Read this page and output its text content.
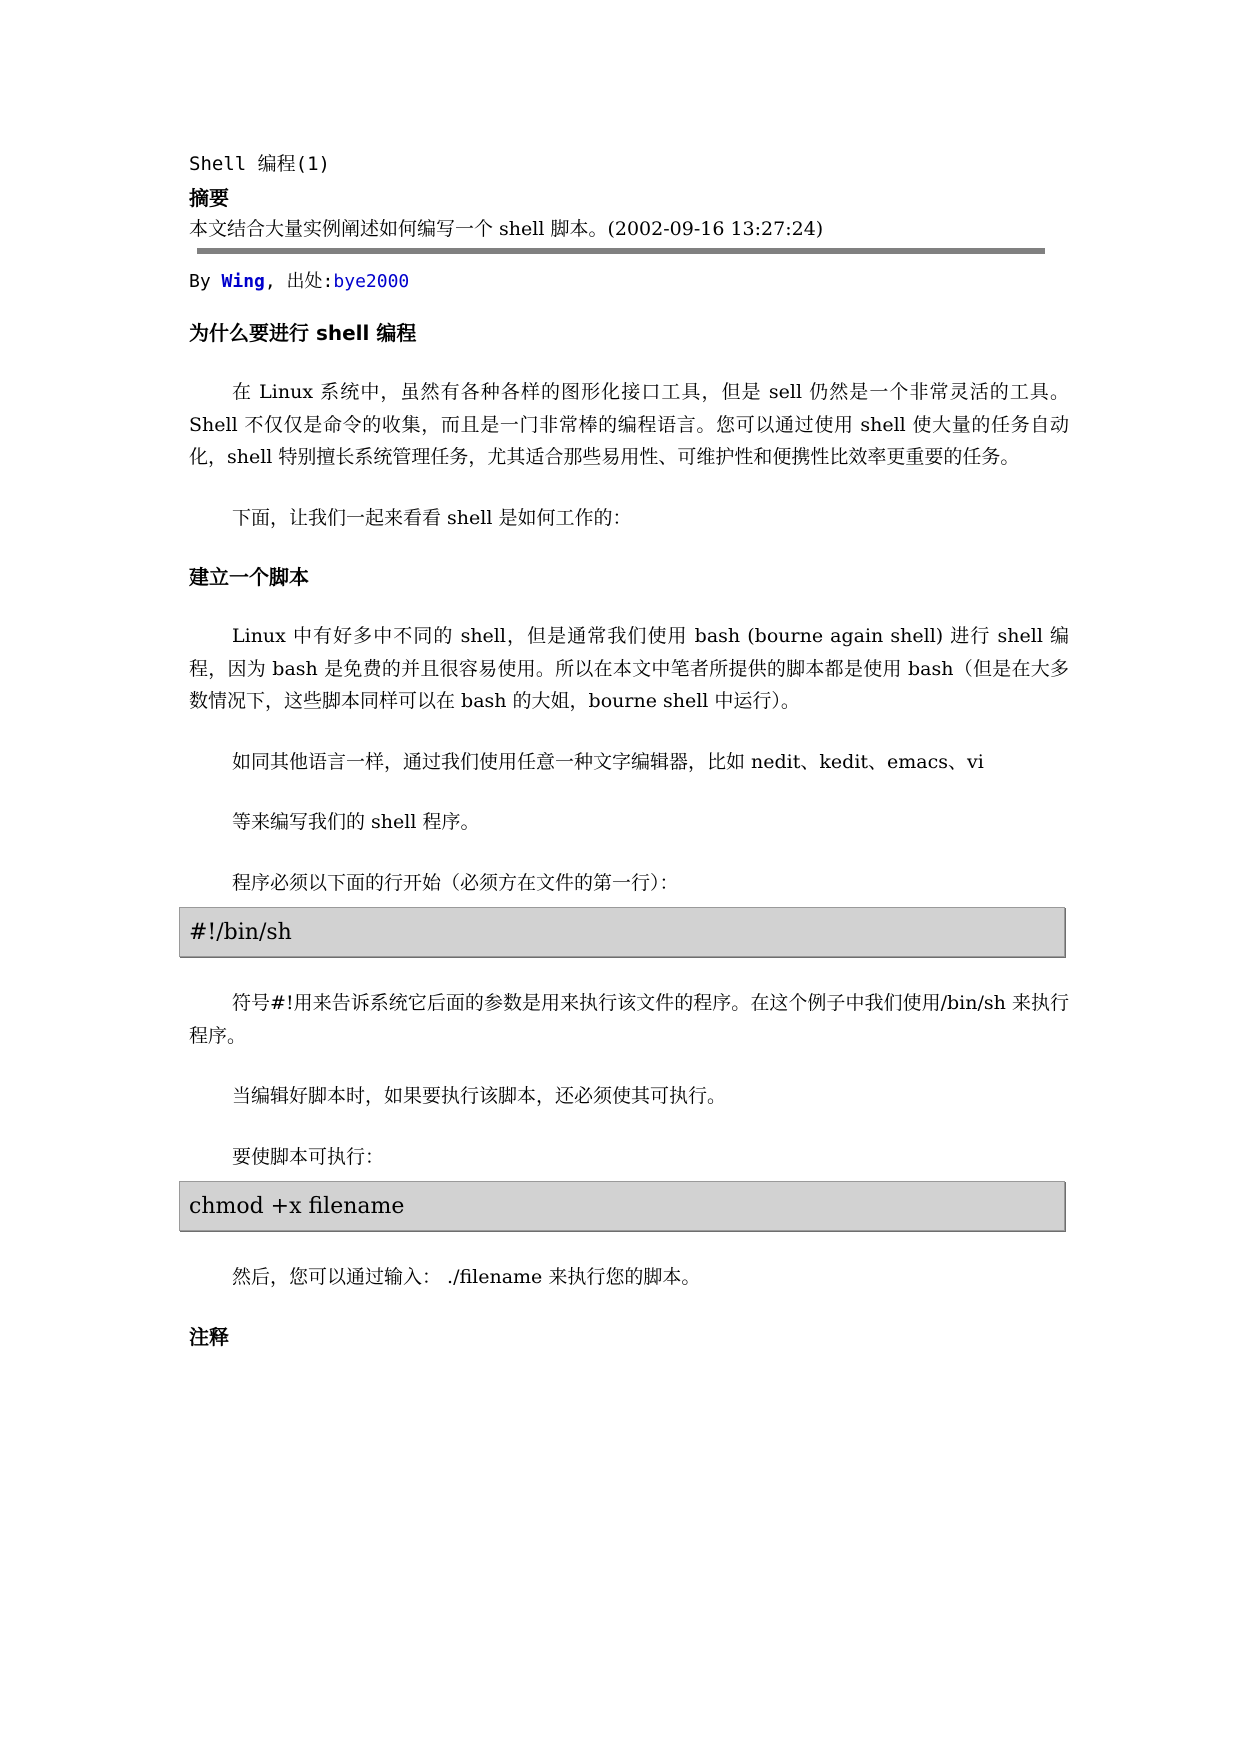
Shell 编程(1)
摘要
本文结合大量实例阐述如何编写一个 shell 脚本。(2002-09-16 13:27:24)
By Wing, 出处:bye2000
为什么要进行 shell 编程

在 Linux 系统中，虽然有各种各样的图形化接口工具，但是 sell 仍然是一个非常灵活的工具。Shell 不仅仅是命令的收集，而且是一门非常棒的编程语言。您可以通过使用 shell 使大量的任务自动化，shell 特别擅长系统管理任务，尤其适合那些易用性、可维护性和便携性比效率更重要的任务。

下面，让我们一起来看看 shell 是如何工作的：

建立一个脚本

Linux 中有好多中不同的 shell，但是通常我们使用 bash (bourne again shell) 进行 shell 编程，因为 bash 是免费的并且很容易使用。所以在本文中笔者所提供的脚本都是使用 bash（但是在大多数情况下，这些脚本同样可以在 bash 的大姐，bourne shell 中运行）。

如同其他语言一样，通过我们使用任意一种文字编辑器，比如 nedit、kedit、emacs、vi

等来编写我们的 shell 程序。

程序必须以下面的行开始（必须方在文件的第一行）：

#!/bin/sh

符号#!用来告诉系统它后面的参数是用来执行该文件的程序。在这个例子中我们使用/bin/sh 来执行程序。

当编辑好脚本时，如果要执行该脚本，还必须使其可执行。

要使脚本可执行：

chmod +x filename

然后，您可以通过输入： ./filename 来执行您的脚本。

注释
